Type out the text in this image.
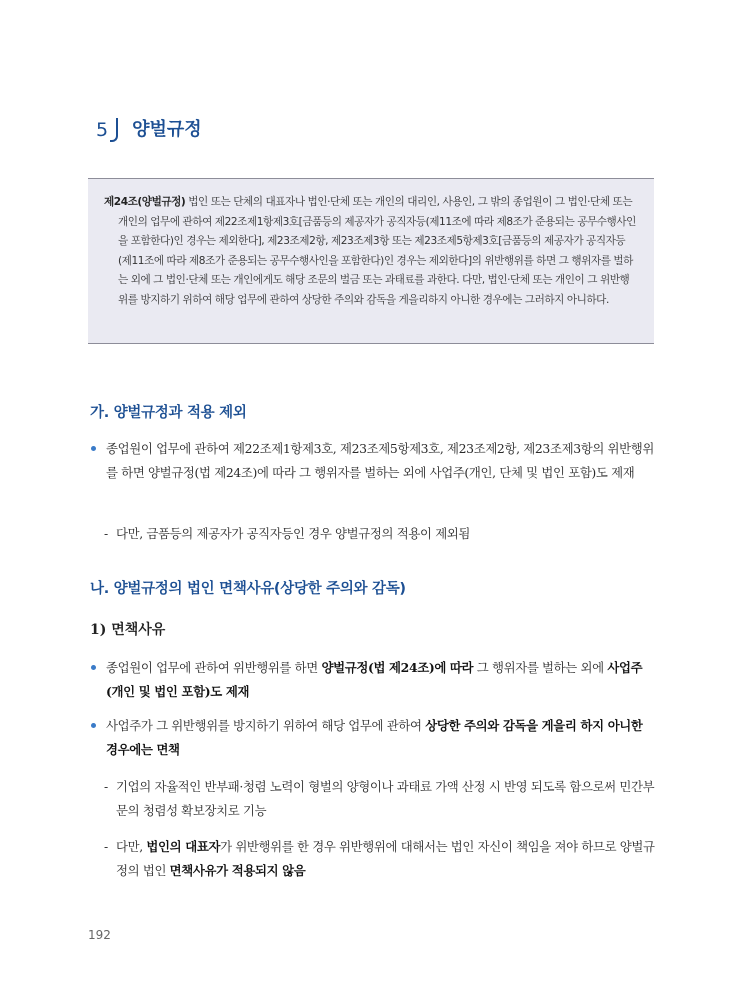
5	양벌규정

제24조(양벌규정) 법인 또는 단체의 대표자나 법인·단체 또는 개인의 대리인, 사용인, 그 밖의 종업원이 그 법인·단체 또는 개인의 업무에 관하여 제22조제1항제3호[금품등의 제공자가 공직자등(제11조에 따라 제8조가 준용되는 공무수행사인을 포함한다)인 경우는 제외한다], 제23조제2항, 제23조제3항 또는 제23조제5항제3호[금품등의 제공자가 공직자등(제11조에 따라 제8조가 준용되는 공무수행사인을 포함한다)인 경우는 제외한다]의 위반행위를 하면 그 행위자를 벌하는 외에 그 법인·단체 또는 개인에게도 해당 조문의 벌금 또는 과태료를 과한다. 다만, 법인·단체 또는 개인이 그 위반행위를 방지하기 위하여 해당 업무에 관하여 상당한 주의와 감독을 게을리하지 아니한 경우에는 그러하지 아니하다.

가. 양벌규정과 적용 제외

종업원이 업무에 관하여 제22조제1항제3호, 제23조제5항제3호, 제23조제2항, 제23조제3항의 위반행위를 하면 양벌규정(법 제24조)에 따라 그 행위자를 벌하는 외에 사업주(개인, 단체 및 법인 포함)도 제재

- 다만, 금품등의 제공자가 공직자등인 경우 양벌규정의 적용이 제외됨

나. 양벌규정의 법인 면책사유(상당한 주의와 감독)
1) 면책사유

종업원이 업무에 관하여 위반행위를 하면 양벌규정(법 제24조)에 따라 그 행위자를 벌하는 외에 사업주(개인 및 법인 포함)도 제재

사업주가 그 위반행위를 방지하기 위하여 해당 업무에 관하여 상당한 주의와 감독을 게을리 하지 아니한 경우에는 면책

- 기업의 자율적인 반부패·청렴 노력이 형벌의 양형이나 과태료 가액 산정 시 반영 되도록 함으로써 민간부문의 청렴성 확보장치로 기능

- 다만, 법인의 대표자가 위반행위를 한 경우 위반행위에 대해서는 법인 자신이 책임을 져야 하므로 양벌규정의 법인 면책사유가 적용되지 않음

192
